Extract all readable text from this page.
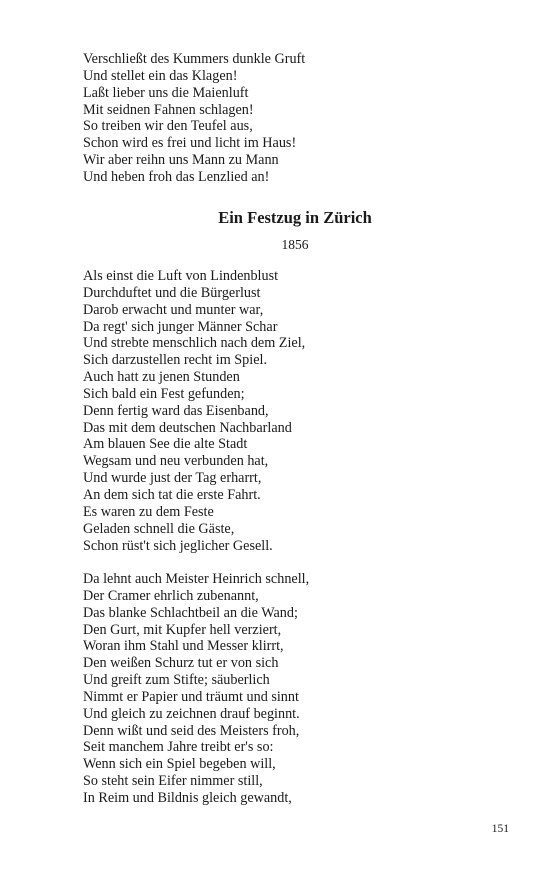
Verschließt des Kummers dunkle Gruft
Und stellet ein das Klagen!
Laßt lieber uns die Maienluft
Mit seidnen Fahnen schlagen!
So treiben wir den Teufel aus,
Schon wird es frei und licht im Haus!
Wir aber reihn uns Mann zu Mann
Und heben froh das Lenzlied an!
Ein Festzug in Zürich
1856
Als einst die Luft von Lindenblust
Durchduftet und die Bürgerlust
Darob erwacht und munter war,
Da regt' sich junger Männer Schar
Und strebte menschlich nach dem Ziel,
Sich darzustellen recht im Spiel.
Auch hatt zu jenen Stunden
Sich bald ein Fest gefunden;
Denn fertig ward das Eisenband,
Das mit dem deutschen Nachbarland
Am blauen See die alte Stadt
Wegsam und neu verbunden hat,
Und wurde just der Tag erharrt,
An dem sich tat die erste Fahrt.
Es waren zu dem Feste
Geladen schnell die Gäste,
Schon rüst't sich jeglicher Gesell.
Da lehnt auch Meister Heinrich schnell,
Der Cramer ehrlich zubenannt,
Das blanke Schlachtbeil an die Wand;
Den Gurt, mit Kupfer hell verziert,
Woran ihm Stahl und Messer klirrt,
Den weißen Schurz tut er von sich
Und greift zum Stifte; säuberlich
Nimmt er Papier und träumt und sinnt
Und gleich zu zeichnen drauf beginnt.
Denn wißt und seid des Meisters froh,
Seit manchem Jahre treibt er's so:
Wenn sich ein Spiel begeben will,
So steht sein Eifer nimmer still,
In Reim und Bildnis gleich gewandt,
151
